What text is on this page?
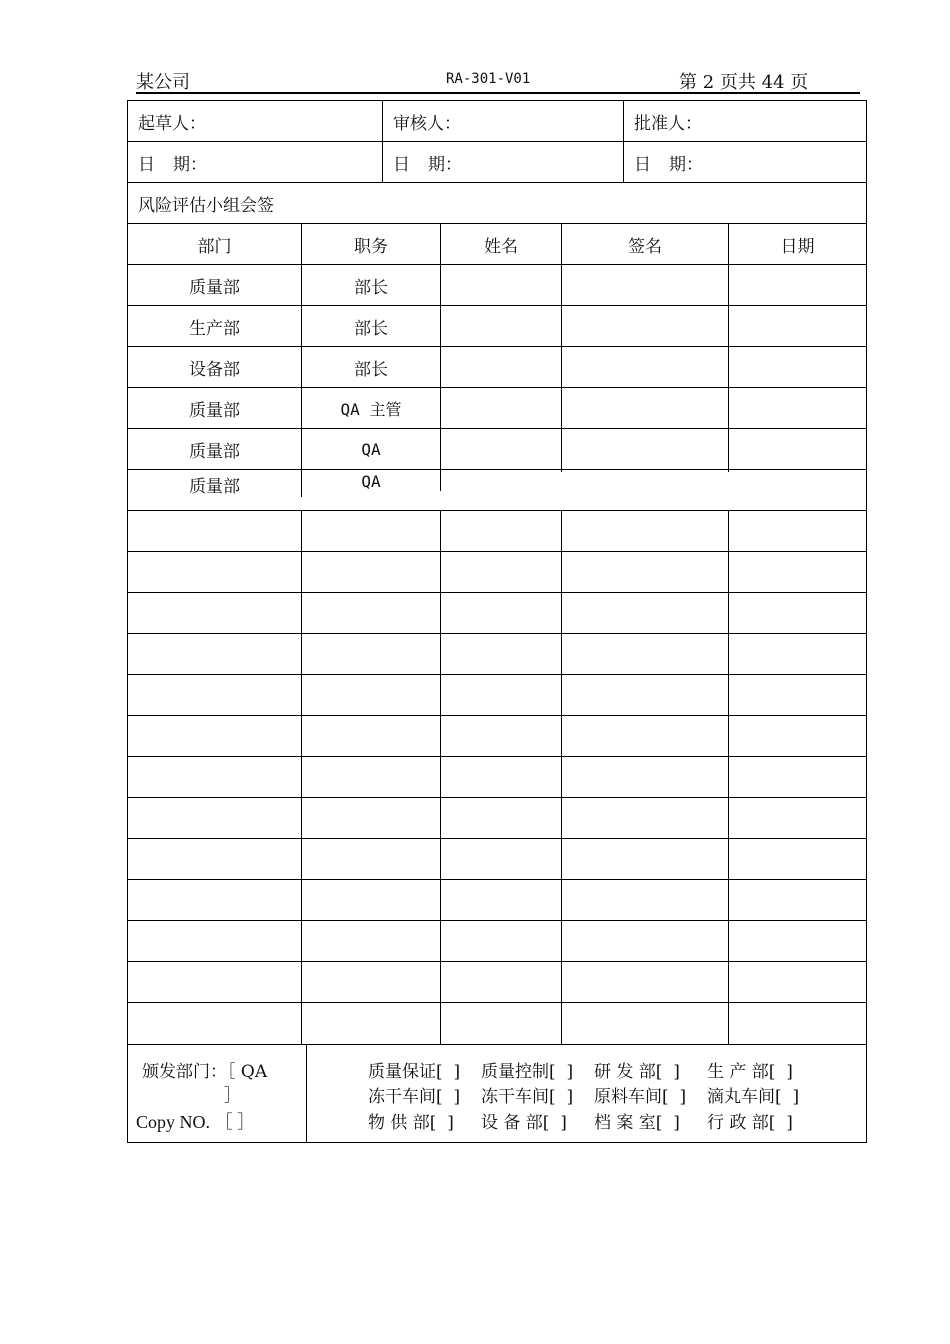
某公司	RA-301-V01	第 2 页共 44 页
起草人：	审核人：	批准人：
日 期：	日 期：	日 期：
风险评估小组会签
部门	职务	姓名	签名	日期
质量部	部长
生产部	部长
设备部	部长
质量部	QA 主管
质量部	QA
质量部	QA
颁发部门：［ QA
］
Copy NO. ［ ］
质量保证[  ]	质量控制[  ]	研 发 部[  ]	生 产 部[  ]
冻干车间[  ]	冻干车间[  ]	原料车间[  ]	滴丸车间[  ]
物 供 部[  ]	设 备 部[  ]	档 案 室[  ]	行 政 部[  ]
